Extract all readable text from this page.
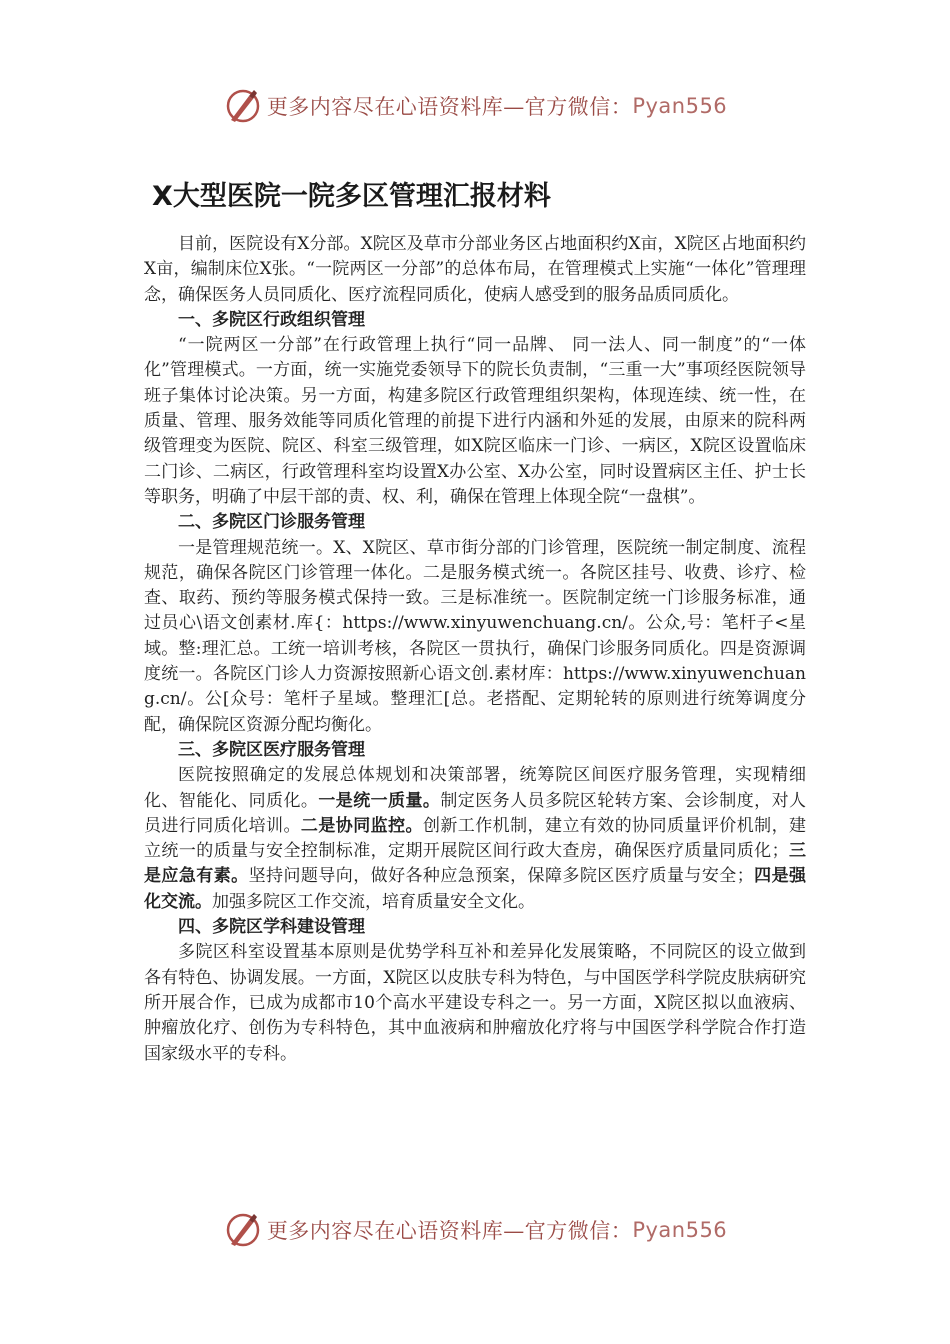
更多内容尽在心语资料库—官方微信： Pyan556
X大型医院一院多区管理汇报材料

目前，医院设有X分部。X院区及草市分部业务区占地面积约X亩，X院区占地面积约X亩，编制床位X张。“一院两区一分部”的总体布局，在管理模式上实施“一体化”管理理念，确保医务人员同质化、医疗流程同质化，使病人感受到的服务品质同质化。

一、多院区行政组织管理

“一院两区一分部”在行政管理上执行“同一品牌、 同一法人、同一制度”的“一体化”管理模式。一方面，统一实施党委领导下的院长负责制，“三重一大”事项经医院领导班子集体讨论决策。另一方面，构建多院区行政管理组织架构，体现连续、统一性，在质量、管理、服务效能等同质化管理的前提下进行内涵和外延的发展，由原来的院科两级管理变为医院、院区、科室三级管理，如X院区临床一门诊、一病区，X院区设置临床二门诊、二病区，行政管理科室均设置X办公室、X办公室，同时设置病区主任、护士长等职务，明确了中层干部的责、权、利，确保在管理上体现全院“一盘棋”。

二、多院区门诊服务管理

一是管理规范统一。X、X院区、草市街分部的门诊管理，医院统一制定制度、流程规范，确保各院区门诊管理一体化。二是服务模式统一。各院区挂号、收费、诊疗、检查、取药、预约等服务模式保持一致。三是标准统一。医院制定统一门诊服务标准，通过员心\语文创素材.库{：https://www.xinyuwenchuang.cn/。公众,号：笔杆子<星域。整:理汇总。工统一培训考核，各院区一贯执行，确保门诊服务同质化。四是资源调度统一。各院区门诊人力资源按照新心语文创.素材库：https://www.xinyuwenchuang.cn/。公[众号：笔杆子星域。整理汇[总。老搭配、定期轮转的原则进行统筹调度分配，确保院区资源分配均衡化。

三、多院区医疗服务管理

医院按照确定的发展总体规划和决策部署，统筹院区间医疗服务管理，实现精细化、智能化、同质化。一是统一质量。制定医务人员多院区轮转方案、会诊制度，对人员进行同质化培训。二是协同监控。创新工作机制，建立有效的协同质量评价机制，建立统一的质量与安全控制标准，定期开展院区间行政大查房，确保医疗质量同质化；三是应急有素。坚持问题导向，做好各种应急预案，保障多院区医疗质量与安全；四是强化交流。加强多院区工作交流，培育质量安全文化。

四、多院区学科建设管理

多院区科室设置基本原则是优势学科互补和差异化发展策略，不同院区的设立做到各有特色、协调发展。一方面，X院区以皮肤专科为特色，与中国医学科学院皮肤病研究所开展合作，已成为成都市10个高水平建设专科之一。另一方面，X院区拟以血液病、肿瘤放化疗、创伤为专科特色，其中血液病和肿瘤放化疗将与中国医学科学院合作打造国家级水平的专科。

更多内容尽在心语资料库—官方微信： Pyan556
